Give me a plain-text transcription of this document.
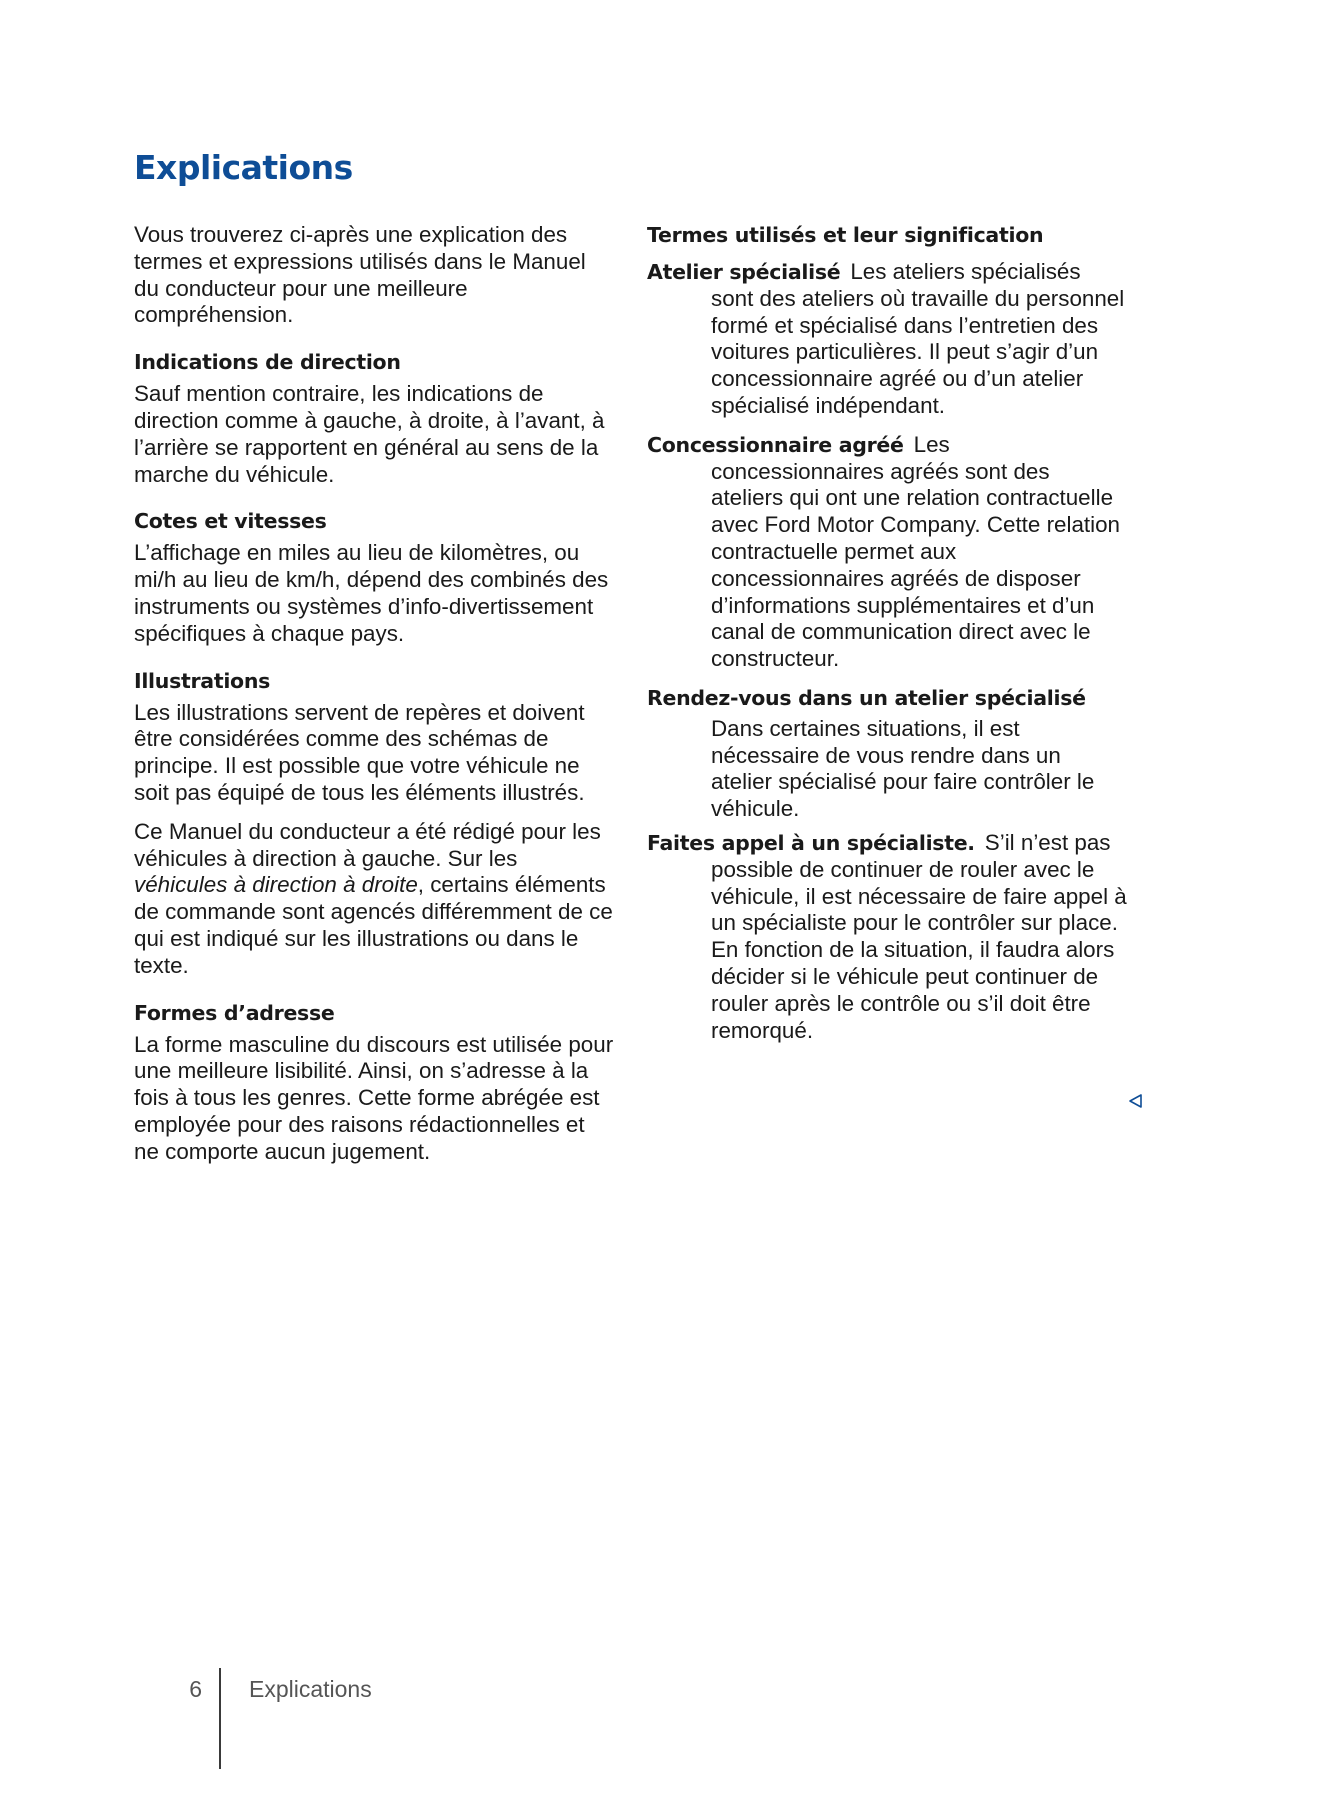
Explications

Vous trouverez ci-après une explication des termes et expressions utilisés dans le Manuel du conducteur pour une meilleure compréhension.

Indications de direction

Sauf mention contraire, les indications de direction comme à gauche, à droite, à l’avant, à l’arrière se rapportent en général au sens de la marche du véhicule.

Cotes et vitesses

L’affichage en miles au lieu de kilomètres, ou mi/h au lieu de km/h, dépend des combinés des instruments ou systèmes d’info-divertissement spécifiques à chaque pays.

Illustrations

Les illustrations servent de repères et doivent être considérées comme des schémas de principe. Il est possible que votre véhicule ne soit pas équipé de tous les éléments illustrés.

Ce Manuel du conducteur a été rédigé pour les véhicules à direction à gauche. Sur les véhicules à direction à droite, certains éléments de commande sont agencés différemment de ce qui est indiqué sur les illustrations ou dans le texte.

Formes d’adresse

La forme masculine du discours est utilisée pour une meilleure lisibilité. Ainsi, on s’adresse à la fois à tous les genres. Cette forme abrégée est employée pour des raisons rédactionnelles et ne comporte aucun jugement.

Termes utilisés et leur signification

Atelier spécialisé Les ateliers spécialisés sont des ateliers où travaille du personnel formé et spécialisé dans l’entretien des voitures particulières. Il peut s’agir d’un concessionnaire agréé ou d’un atelier spécialisé indépendant.

Concessionnaire agréé Les concessionnaires agréés sont des ateliers qui ont une relation contractuelle avec Ford Motor Company. Cette relation contractuelle permet aux concessionnaires agréés de disposer d’informations supplémentaires et d’un canal de communication direct avec le constructeur.

Rendez-vous dans un atelier spécialisé
Dans certaines situations, il est nécessaire de vous rendre dans un atelier spécialisé pour faire contrôler le véhicule.

Faites appel à un spécialiste. S’il n’est pas possible de continuer de rouler avec le véhicule, il est nécessaire de faire appel à un spécialiste pour le contrôler sur place. En fonction de la situation, il faudra alors décider si le véhicule peut continuer de rouler après le contrôle ou s’il doit être remorqué.

6 Explications
